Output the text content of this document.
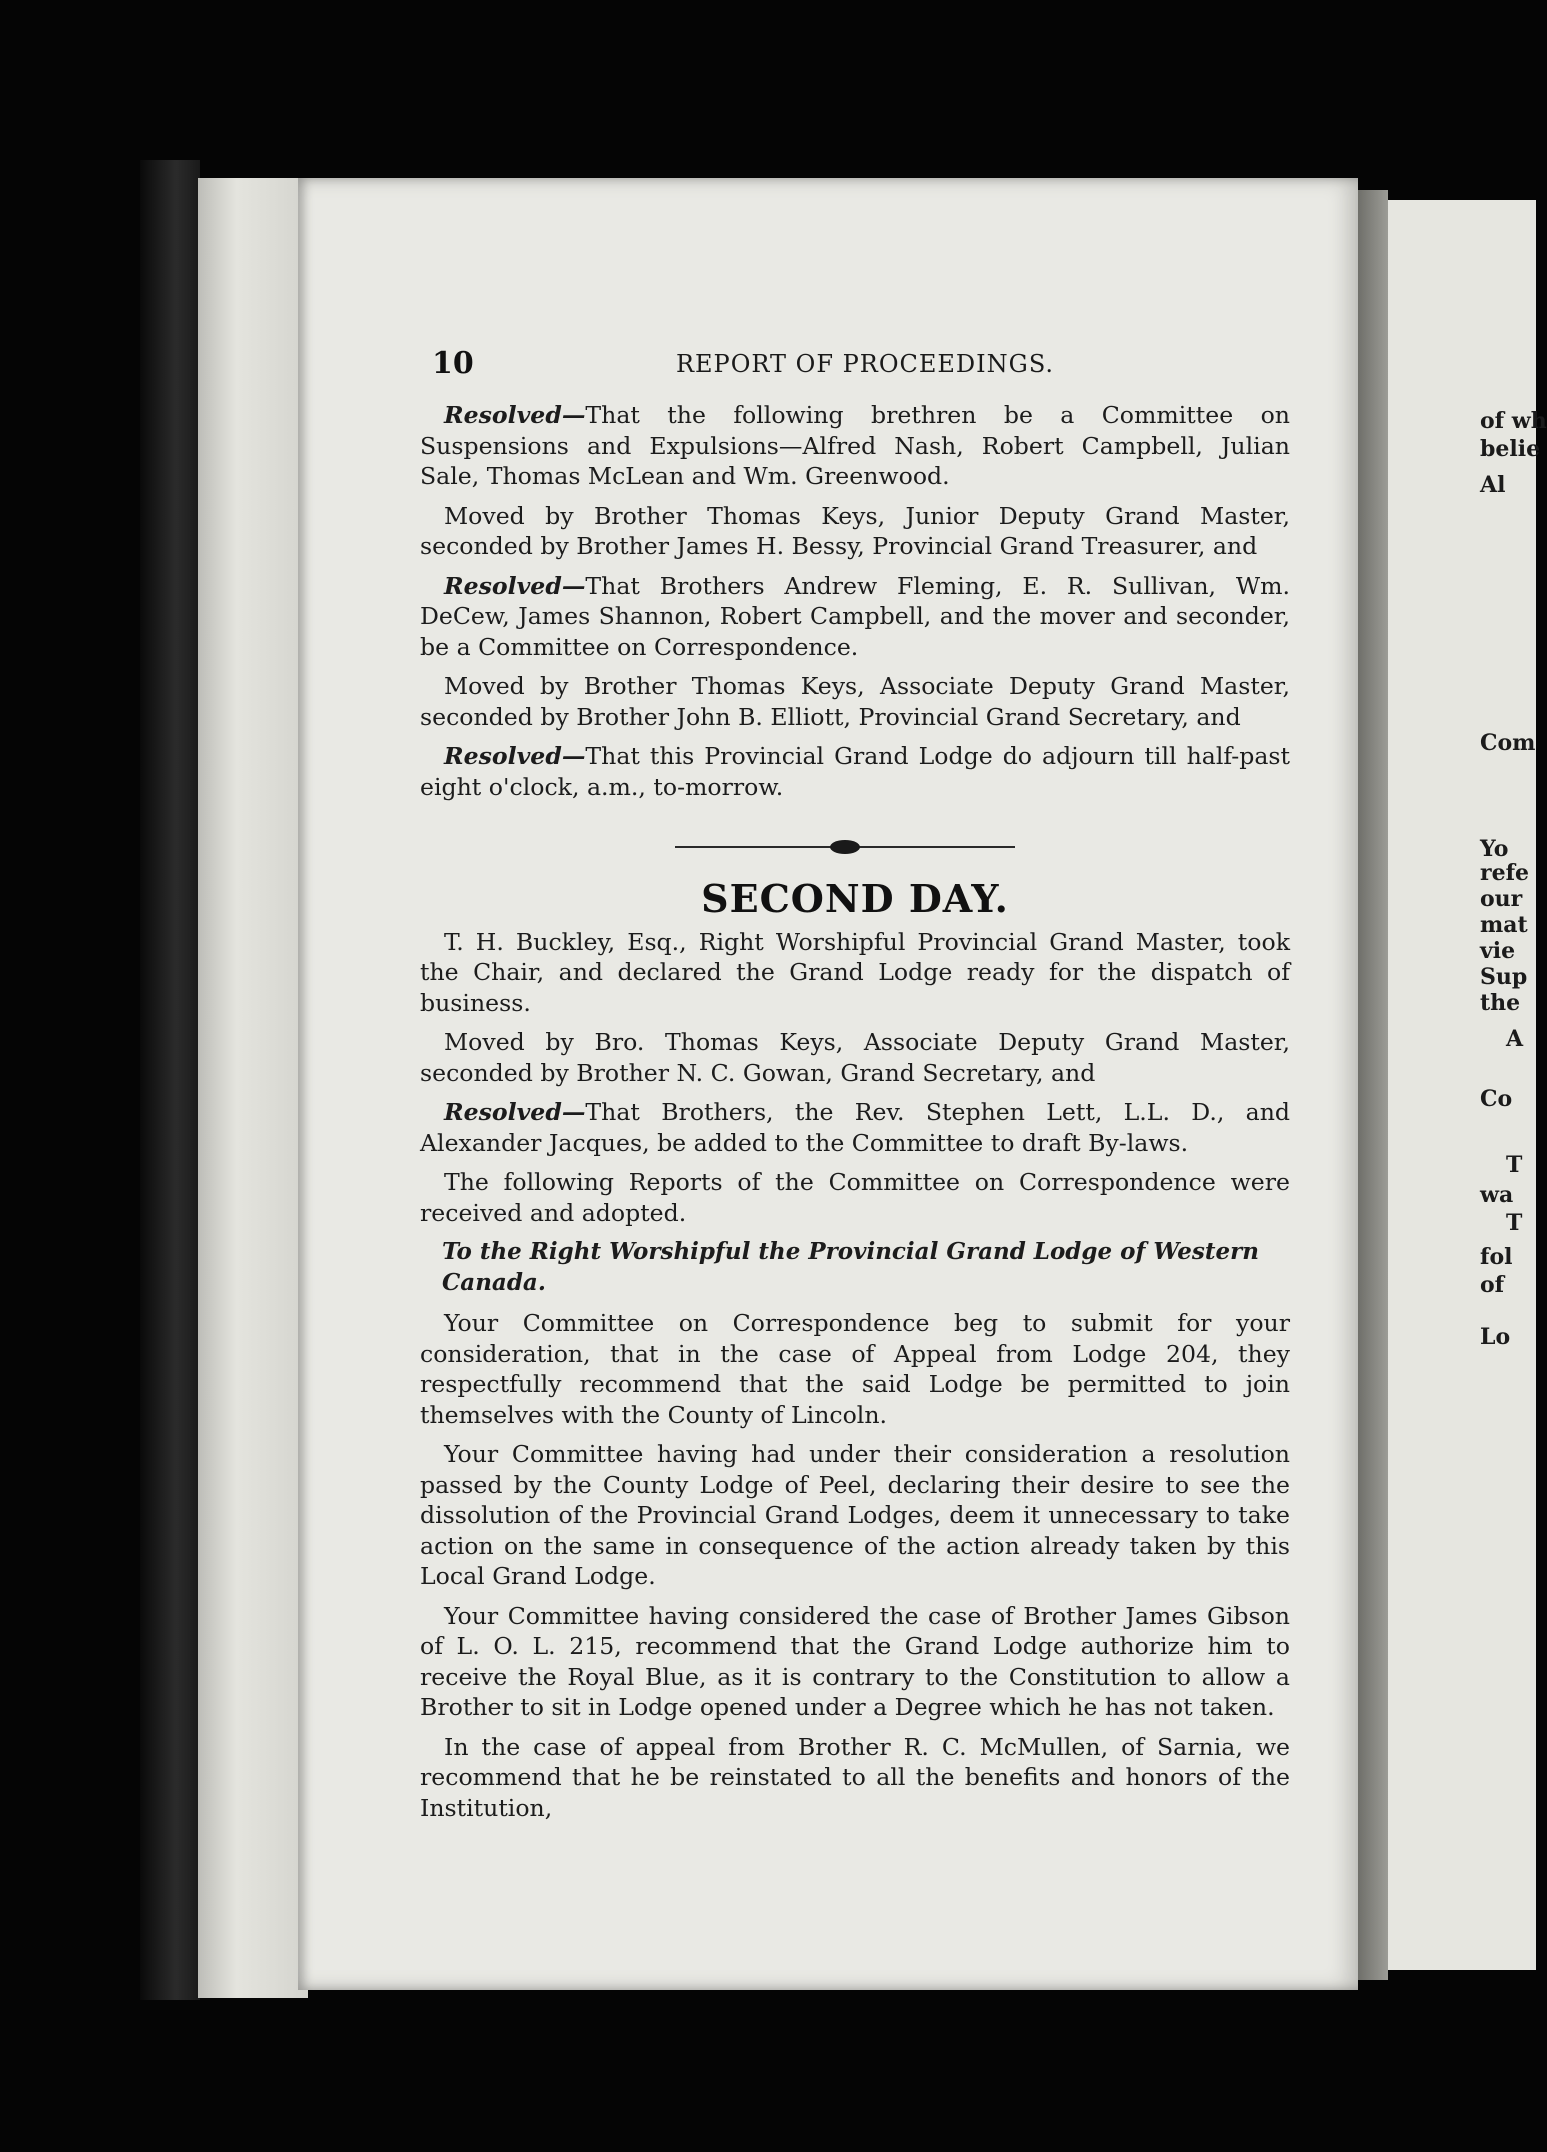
10	REPORT OF PROCEEDINGS.

Resolved—That the following brethren be a Committee on Suspensions and Expulsions—Alfred Nash, Robert Campbell, Julian Sale, Thomas McLean and Wm. Greenwood.

Moved by Brother Thomas Keys, Junior Deputy Grand Master, seconded by Brother James H. Bessy, Provincial Grand Treasurer, and

Resolved—That Brothers Andrew Fleming, E. R. Sullivan, Wm. DeCew, James Shannon, Robert Campbell, and the mover and seconder, be a Committee on Correspondence.

Moved by Brother Thomas Keys, Associate Deputy Grand Master, seconded by Brother John B. Elliott, Provincial Grand Secretary, and

Resolved—That this Provincial Grand Lodge do adjourn till half-past eight o'clock, a.m., to-morrow.

SECOND DAY.

T. H. Buckley, Esq., Right Worshipful Provincial Grand Master, took the Chair, and declared the Grand Lodge ready for the dispatch of business.

Moved by Bro. Thomas Keys, Associate Deputy Grand Master, seconded by Brother N. C. Gowan, Grand Secretary, and

Resolved—That Brothers, the Rev. Stephen Lett, L.L. D., and Alexander Jacques, be added to the Committee to draft By-laws.

The following Reports of the Committee on Correspondence were received and adopted.

To the Right Worshipful the Provincial Grand Lodge of Western Canada.

Your Committee on Correspondence beg to submit for your consideration, that in the case of Appeal from Lodge 204, they respectfully recommend that the said Lodge be permitted to join themselves with the County of Lincoln.

Your Committee having had under their consideration a resolution passed by the County Lodge of Peel, declaring their desire to see the dissolution of the Provincial Grand Lodges, deem it unnecessary to take action on the same in consequence of the action already taken by this Local Grand Lodge.

Your Committee having considered the case of Brother James Gibson of L. O. L. 215, recommend that the Grand Lodge authorize him to receive the Royal Blue, as it is contrary to the Constitution to allow a Brother to sit in Lodge opened under a Degree which he has not taken.

In the case of appeal from Brother R. C. McMullen, of Sarnia, we recommend that he be reinstated to all the benefits and honors of the Institution,

of wh
belie
Al
Com
Yo
refe
our
mat
vie
Sup
the
A
Co
T
wa
T
fol
of
Lo
